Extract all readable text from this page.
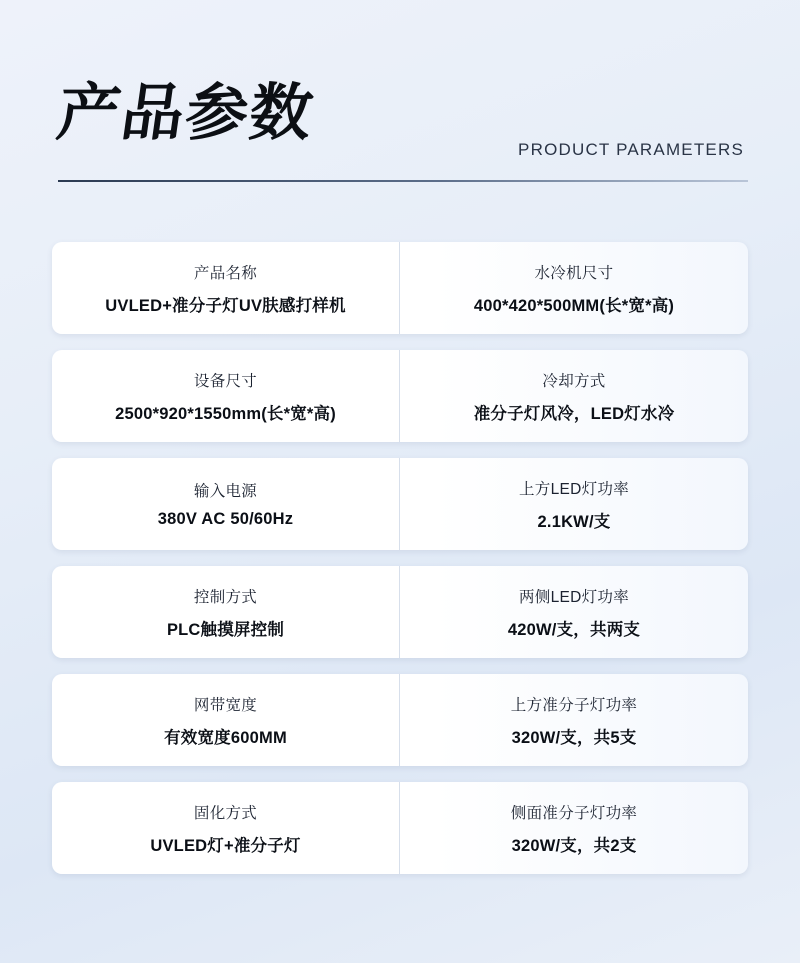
产品参数
PRODUCT PARAMETERS
产品名称
UVLED+准分子灯UV肤感打样机
水冷机尺寸
400*420*500MM(长*宽*高)
设备尺寸
2500*920*1550mm(长*宽*高)
冷却方式
准分子灯风冷，LED灯水冷
输入电源
380V AC 50/60Hz
上方LED灯功率
2.1KW/支
控制方式
PLC触摸屏控制
两侧LED灯功率
420W/支，共两支
网带宽度
有效宽度600MM
上方准分子灯功率
320W/支，共5支
固化方式
UVLED灯+准分子灯
侧面准分子灯功率
320W/支，共2支
